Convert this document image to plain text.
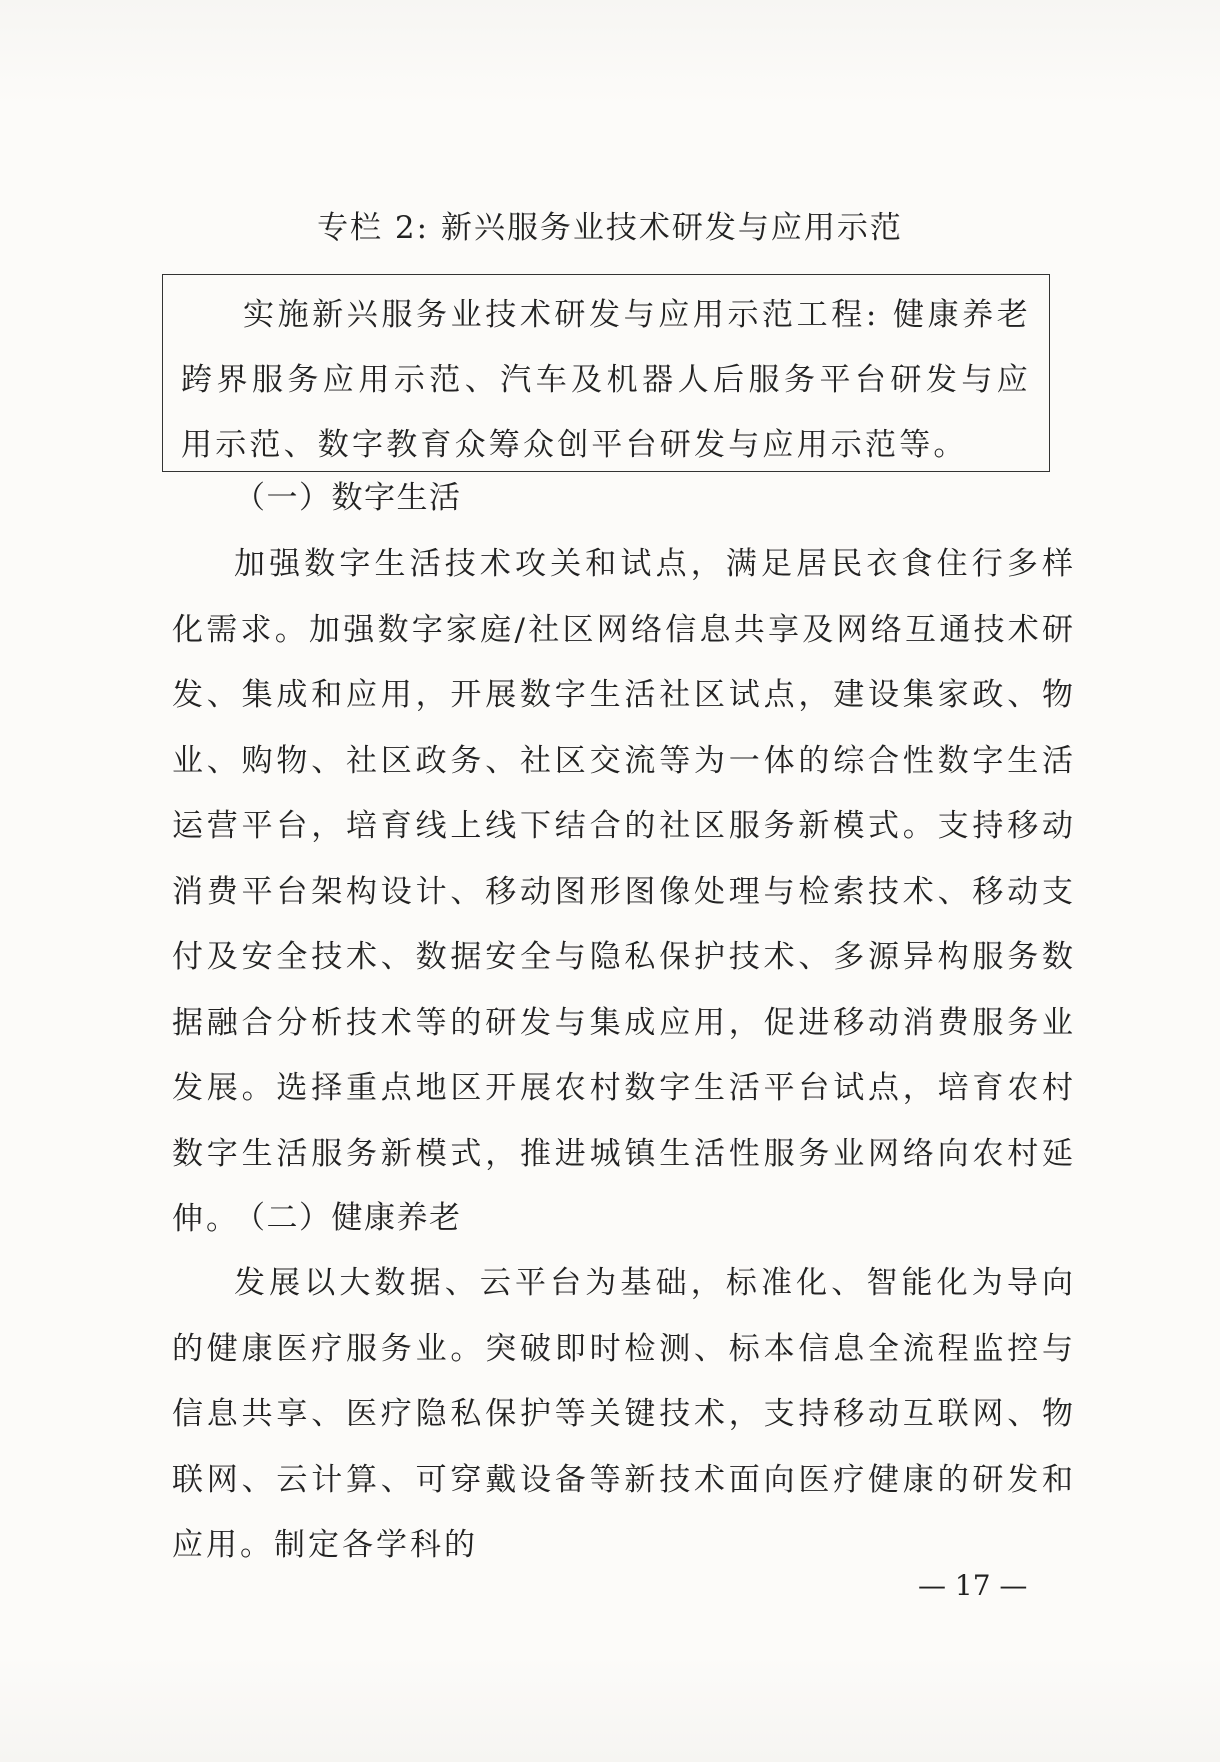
专栏 2: 新兴服务业技术研发与应用示范

实施新兴服务业技术研发与应用示范工程: 健康养老跨界服务应用示范、汽车及机器人后服务平台研发与应用示范、数字教育众筹众创平台研发与应用示范等。

（一）数字生活

加强数字生活技术攻关和试点，满足居民衣食住行多样化需求。加强数字家庭/社区网络信息共享及网络互通技术研发、集成和应用，开展数字生活社区试点，建设集家政、物业、购物、社区政务、社区交流等为一体的综合性数字生活运营平台，培育线上线下结合的社区服务新模式。支持移动消费平台架构设计、移动图形图像处理与检索技术、移动支付及安全技术、数据安全与隐私保护技术、多源异构服务数据融合分析技术等的研发与集成应用，促进移动消费服务业发展。选择重点地区开展农村数字生活平台试点，培育农村数字生活服务新模式，推进城镇生活性服务业网络向农村延伸。

（二）健康养老

发展以大数据、云平台为基础，标准化、智能化为导向的健康医疗服务业。突破即时检测、标本信息全流程监控与信息共享、医疗隐私保护等关键技术，支持移动互联网、物联网、云计算、可穿戴设备等新技术面向医疗健康的研发和应用。制定各学科的

— 17 —
